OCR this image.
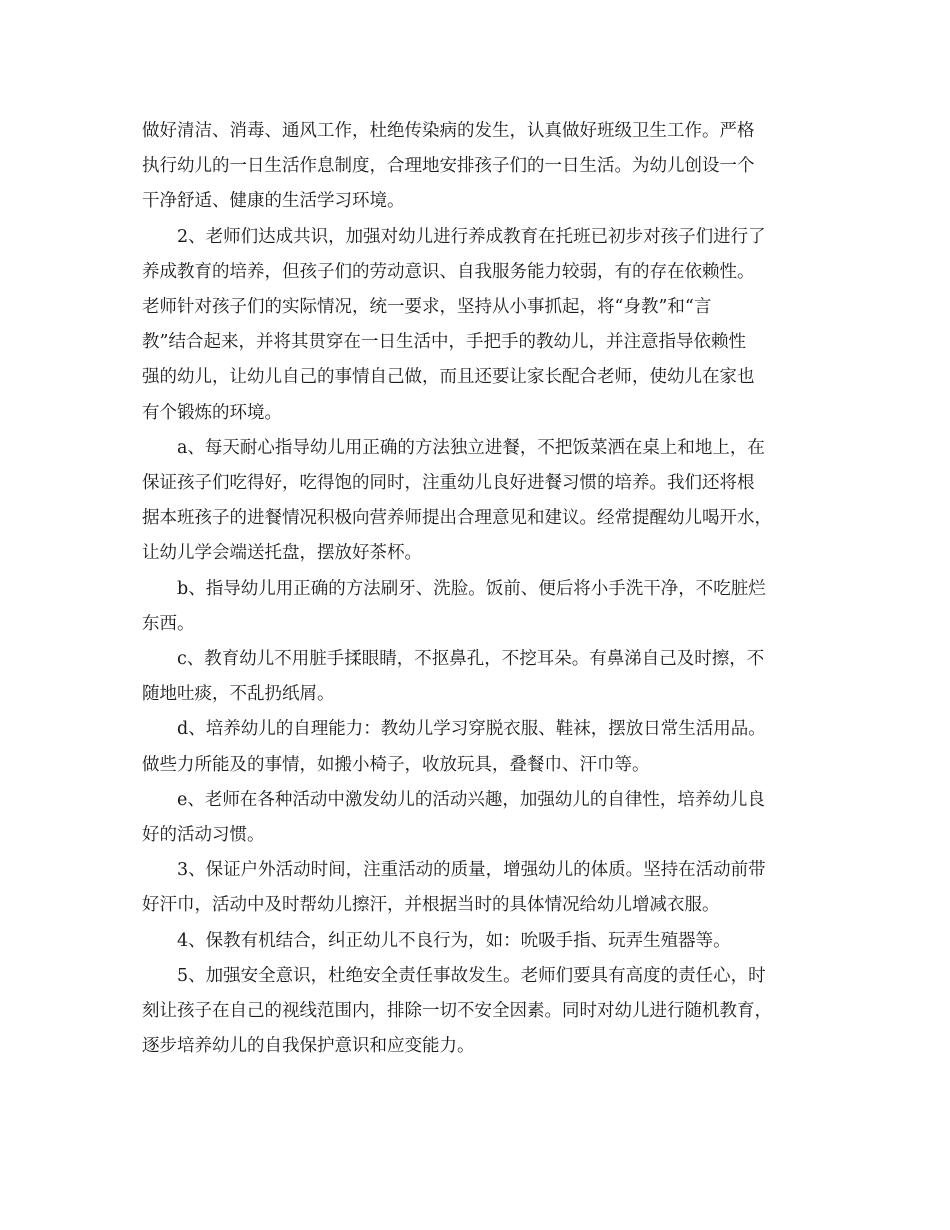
做好清洁、消毒、通风工作，杜绝传染病的发生，认真做好班级卫生工作。严格
执行幼儿的一日生活作息制度，合理地安排孩子们的一日生活。为幼儿创设一个
干净舒适、健康的生活学习环境。

2、老师们达成共识，加强对幼儿进行养成教育在托班已初步对孩子们进行了
养成教育的培养，但孩子们的劳动意识、自我服务能力较弱，有的存在依赖性。
老师针对孩子们的实际情况，统一要求，坚持从小事抓起，将“身教”和“言
教”结合起来，并将其贯穿在一日生活中，手把手的教幼儿，并注意指导依赖性
强的幼儿，让幼儿自己的事情自己做，而且还要让家长配合老师，使幼儿在家也
有个锻炼的环境。

a、每天耐心指导幼儿用正确的方法独立进餐，不把饭菜洒在桌上和地上，在
保证孩子们吃得好，吃得饱的同时，注重幼儿良好进餐习惯的培养。我们还将根
据本班孩子的进餐情况积极向营养师提出合理意见和建议。经常提醒幼儿喝开水，
让幼儿学会端送托盘，摆放好茶杯。

b、指导幼儿用正确的方法刷牙、洗脸。饭前、便后将小手洗干净，不吃脏烂
东西。

c、教育幼儿不用脏手揉眼睛，不抠鼻孔，不挖耳朵。有鼻涕自己及时擦，不
随地吐痰，不乱扔纸屑。

d、培养幼儿的自理能力：教幼儿学习穿脱衣服、鞋袜，摆放日常生活用品。
做些力所能及的事情，如搬小椅子，收放玩具，叠餐巾、汗巾等。

e、老师在各种活动中激发幼儿的活动兴趣，加强幼儿的自律性，培养幼儿良
好的活动习惯。

3、保证户外活动时间，注重活动的质量，增强幼儿的体质。坚持在活动前带
好汗巾，活动中及时帮幼儿擦汗，并根据当时的具体情况给幼儿增减衣服。

4、保教有机结合，纠正幼儿不良行为，如：吮吸手指、玩弄生殖器等。

5、加强安全意识，杜绝安全责任事故发生。老师们要具有高度的责任心，时
刻让孩子在自己的视线范围内，排除一切不安全因素。同时对幼儿进行随机教育，
逐步培养幼儿的自我保护意识和应变能力。
